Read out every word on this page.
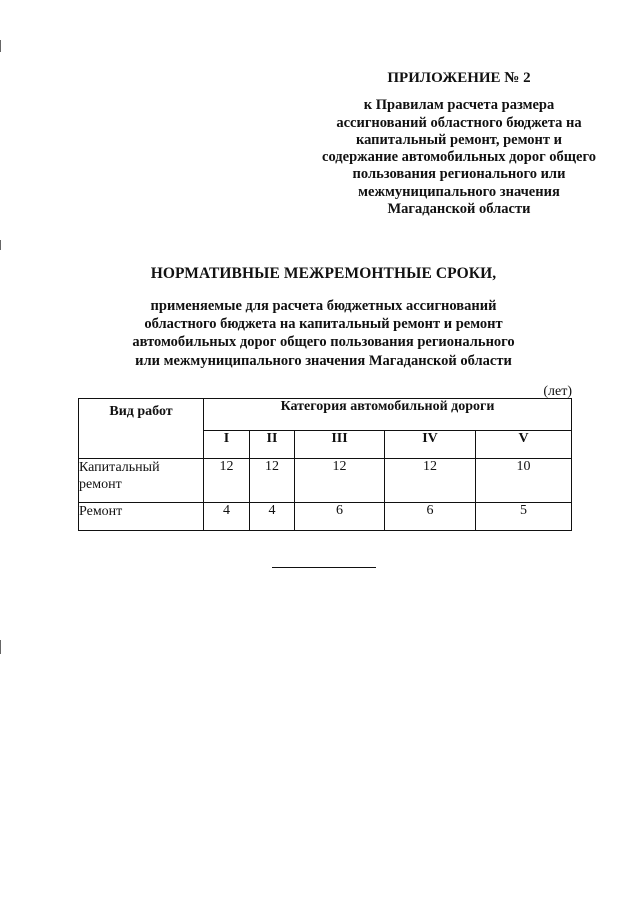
ПРИЛОЖЕНИЕ № 2
к Правилам расчета размера
ассигнований областного бюджета на
капитальный ремонт, ремонт и
содержание автомобильных дорог общего
пользования регионального или
межмуниципального значения
Магаданской области
НОРМАТИВНЫЕ МЕЖРЕМОНТНЫЕ СРОКИ,
применяемые для расчета бюджетных ассигнований
областного бюджета на капитальный ремонт и ремонт
автомобильных дорог общего пользования регионального
или межмуниципального значения Магаданской области
(лет)
Вид работ	Категория автомобильной дороги				
	I	II	III	IV	V
Капитальный ремонт	12	12	12	12	10
Ремонт	4	4	6	6	5
